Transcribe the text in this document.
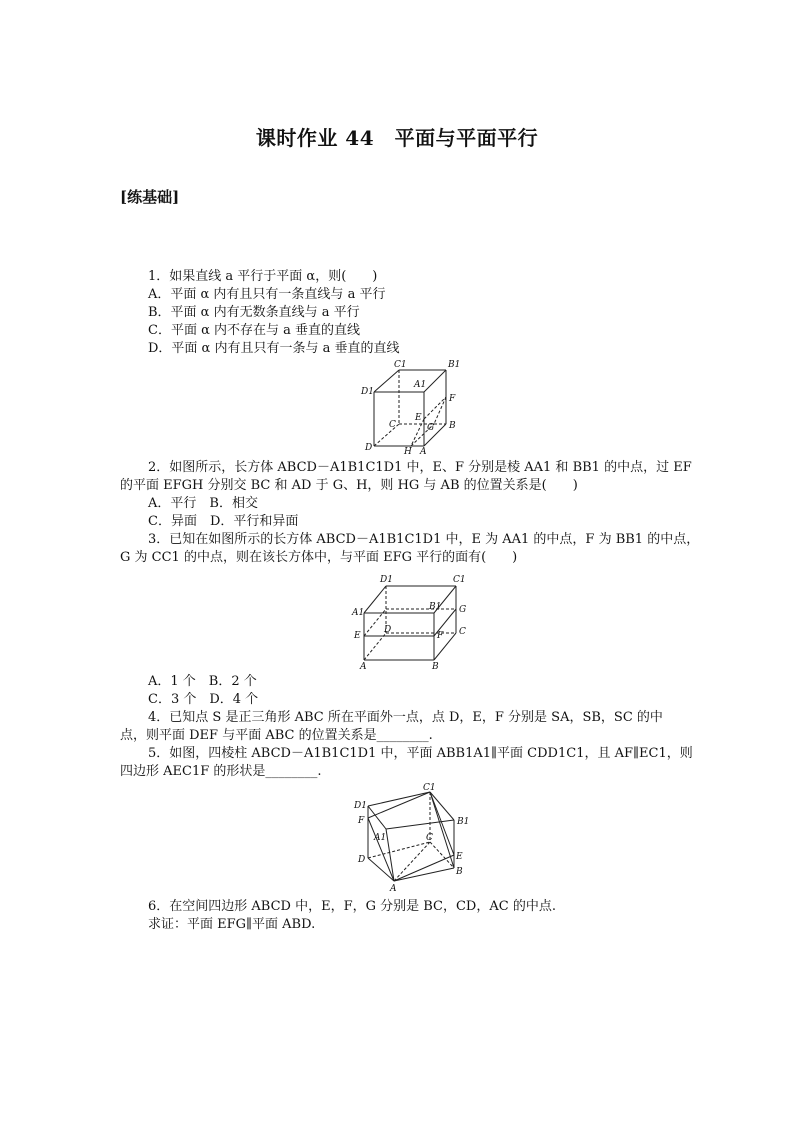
课时作业 44　平面与平面平行
[练基础]
1．如果直线 a 平行于平面 α，则(　　)
A．平面 α 内有且只有一条直线与 a 平行
B．平面 α 内有无数条直线与 a 平行
C．平面 α 内不存在与 a 垂直的直线
D．平面 α 内有且只有一条与 a 垂直的直线
C1	B1
D1
A1
F
E
C	G B
D	H A
2．如图所示，长方体 ABCD－A1B1C1D1 中，E、F 分别是棱 AA1 和 BB1 的中点，过 EF
的平面 EFGH 分别交 BC 和 AD 于 G、H，则 HG 与 AB 的位置关系是(　　)
A．平行　B．相交
C．异面　D．平行和异面
3．已知在如图所示的长方体 ABCD－A1B1C1D1 中，E 为 AA1 的中点，F 为 BB1 的中点，
G 为 CC1 的中点，则在该长方体中，与平面 EFG 平行的面有(　　)
D1	C1
A1
B1 G
E
D
F C
A	B
A．1 个　B．2 个
C．3 个　D．4 个
4．已知点 S 是正三角形 ABC 所在平面外一点，点 D，E，F 分别是 SA，SB，SC 的中
点，则平面 DEF 与平面 ABC 的位置关系是________.
5．如图，四棱柱 ABCD－A1B1C1D1 中，平面 ABB1A1∥平面 CDD1C1，且 AF∥EC1，则
四边形 AEC1F 的形状是________.
C1
D1
F	B1
A1	C
D	E
B
A
6．在空间四边形 ABCD 中，E，F，G 分别是 BC，CD，AC 的中点.
求证：平面 EFG∥平面 ABD.
